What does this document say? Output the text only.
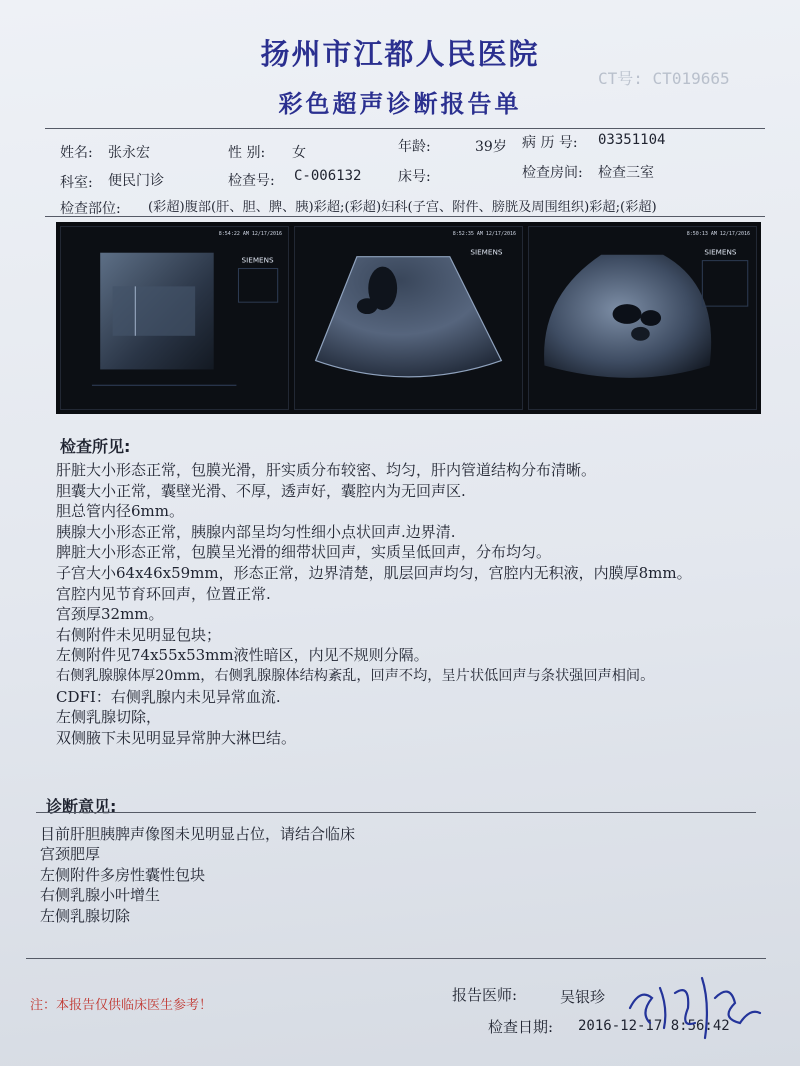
CT号: CT019665
扬州市江都人民医院
彩色超声诊断报告单
姓名: 张永宏	性 别: 女	年龄:	39岁 病 历 号: 03351104
科室: 便民门诊	检查号: C-006132	床号:	检查房间: 检查三室
检查部位: (彩超)腹部(肝、胆、脾、胰)彩超;(彩超)妇科(子宫、附件、膀胱及周围组织)彩超;(彩超)
8:54:22 AM 12/17/2016
SIEMENS
8:52:35 AM 12/17/2016
SIEMENS
8:50:13 AM 12/17/2016
SIEMENS
检查所见:
肝脏大小形态正常，包膜光滑，肝实质分布较密、均匀，肝内管道结构分布清晰。
胆囊大小正常，囊壁光滑、不厚，透声好，囊腔内为无回声区.
胆总管内径6mm。
胰腺大小形态正常，胰腺内部呈均匀性细小点状回声.边界清.
脾脏大小形态正常，包膜呈光滑的细带状回声，实质呈低回声，分布均匀。
子宫大小64x46x59mm，形态正常，边界清楚，肌层回声均匀，宫腔内无积液，内膜厚8mm。
宫腔内见节育环回声，位置正常.
宫颈厚32mm。
右侧附件未见明显包块；
左侧附件见74x55x53mm液性暗区，内见不规则分隔。
右侧乳腺腺体厚20mm，右侧乳腺腺体结构紊乱，回声不均，呈片状低回声与条状强回声相间。
CDFI：右侧乳腺内未见异常血流.
左侧乳腺切除，
双侧腋下未见明显异常肿大淋巴结。
诊断意见:
目前肝胆胰脾声像图未见明显占位，请结合临床
宫颈肥厚
左侧附件多房性囊性包块
右侧乳腺小叶增生
左侧乳腺切除
报告医师:	吴银珍
注：本报告仅供临床医生参考！
检查日期: 2016-12-17 8:56:42
